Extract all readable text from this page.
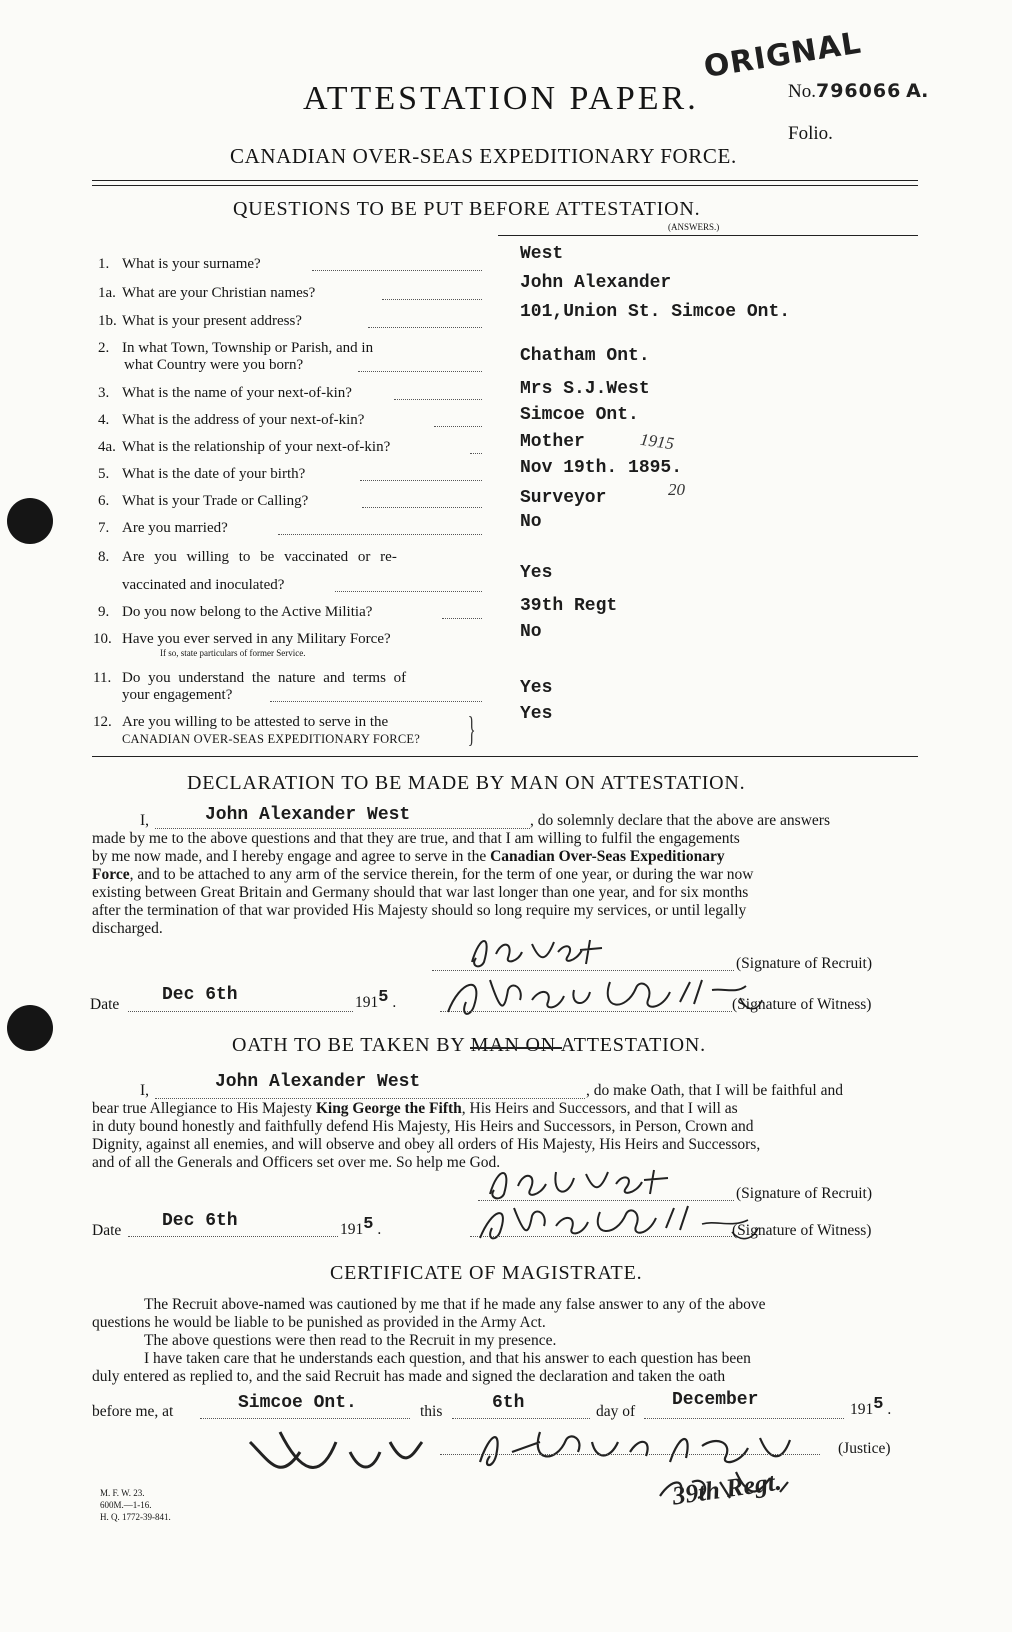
ORIGNAL
No.796066 A.
Folio.
ATTESTATION PAPER.
CANADIAN OVER-SEAS EXPEDITIONARY FORCE.
QUESTIONS TO BE PUT BEFORE ATTESTATION.
(ANSWERS.)
1. What is your surname?	West
1a. What are your Christian names?	John Alexander
1b. What is your present address?	101,Union St. Simcoe Ont.
2. In what Town, Township or Parish, and in
what Country were you born?	Chatham Ont.
3. What is the name of your next-of-kin?	Mrs S.J.West
4. What is the address of your next-of-kin?	Simcoe Ont.
4a. What is the relationship of your next-of-kin?	Mother	1915
5. What is the date of your birth?	Nov 19th. 1895.
6. What is your Trade or Calling?	Surveyor	20
7. Are you married?	No
8. Are you willing to be vaccinated or re-
vaccinated and inoculated?
Yes
9. Do you now belong to the Active Militia?	39th Regt
10. Have you ever served in any Military Force?
If so, state particulars of former Service.
No
11. Do you understand the nature and terms of
your engagement?	Yes
12. Are you willing to be attested to serve in the
CANADIAN OVER-SEAS EXPEDITIONARY FORCE? } Yes
DECLARATION TO BE MADE BY MAN ON ATTESTATION.
I,	John Alexander West	, do solemnly declare that the above are answers
made by me to the above questions and that they are true, and that I am willing to fulfil the engagements
by me now made, and I hereby engage and agree to serve in the Canadian Over-Seas Expeditionary
Force, and to be attached to any arm of the service therein, for the term of one year, or during the war now
existing between Great Britain and Germany should that war last longer than one year, and for six months
after the termination of that war provided His Majesty should so long require my services, or until legally
discharged.
(Signature of Recruit)
Date Dec 6th	1915 .	(Signature of Witness)
OATH TO BE TAKEN BY MAN ON ATTESTATION.
I,	John Alexander West	, do make Oath, that I will be faithful and
bear true Allegiance to His Majesty King George the Fifth, His Heirs and Successors, and that I will as
in duty bound honestly and faithfully defend His Majesty, His Heirs and Successors, in Person, Crown and
Dignity, against all enemies, and will observe and obey all orders of His Majesty, His Heirs and Successors,
and of all the Generals and Officers set over me. So help me God.
(Signature of Recruit)
Date Dec 6th	1915 .	(Signature of Witness)
CERTIFICATE OF MAGISTRATE.
The Recruit above-named was cautioned by me that if he made any false answer to any of the above
questions he would be liable to be punished as provided in the Army Act.
The above questions were then read to the Recruit in my presence.
I have taken care that he understands each question, and that his answer to each question has been
duly entered as replied to, and the said Recruit has made and signed the declaration and taken the oath
before me, at	Simcoe Ont.	this	6th	day of
December	1915 .
(Justice)
39th Regt.
M. F. W. 23.
600M.—1-16.
H. Q. 1772-39-841.
